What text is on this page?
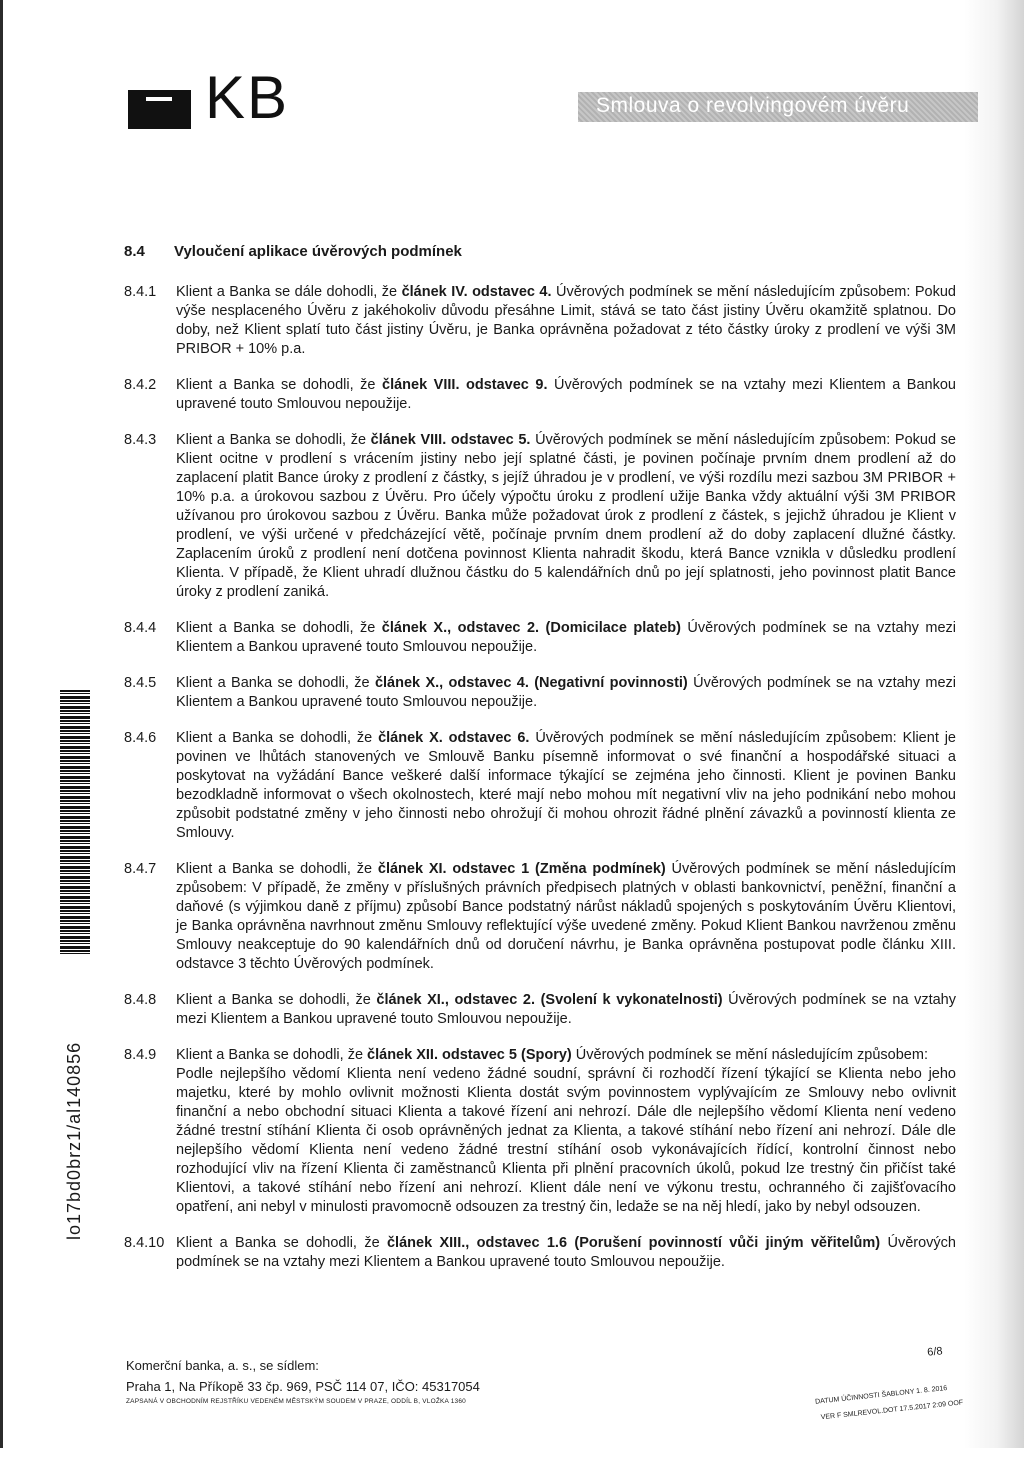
KB	Smlouva o revolvingovém úvěru
lo17bd0brz1/al140856
8.4 Vyloučení aplikace úvěrových podmínek
8.4.1	Klient a Banka se dále dohodli, že článek IV. odstavec 4. Úvěrových podmínek se mění následujícím způsobem: Pokud výše nesplaceného Úvěru z jakéhokoliv důvodu přesáhne Limit, stává se tato část jistiny Úvěru okamžitě splatnou. Do doby, než Klient splatí tuto část jistiny Úvěru, je Banka oprávněna požadovat z této částky úroky z prodlení ve výši 3M PRIBOR + 10% p.a.
8.4.2	Klient a Banka se dohodli, že článek VIII. odstavec 9. Úvěrových podmínek se na vztahy mezi Klientem a Bankou upravené touto Smlouvou nepoužije.
8.4.3	Klient a Banka se dohodli, že článek VIII. odstavec 5. Úvěrových podmínek se mění následujícím způsobem: Pokud se Klient ocitne v prodlení s vrácením jistiny nebo její splatné části, je povinen počínaje prvním dnem prodlení až do zaplacení platit Bance úroky z prodlení z částky, s jejíž úhradou je v prodlení, ve výši rozdílu mezi sazbou 3M PRIBOR + 10% p.a. a úrokovou sazbou z Úvěru. Pro účely výpočtu úroku z prodlení užije Banka vždy aktuální výši 3M PRIBOR užívanou pro úrokovou sazbou z Úvěru. Banka může požadovat úrok z prodlení z částek, s jejichž úhradou je Klient v prodlení, ve výši určené v předcházející větě, počínaje prvním dnem prodlení až do doby zaplacení dlužné částky. Zaplacením úroků z prodlení není dotčena povinnost Klienta nahradit škodu, která Bance vznikla v důsledku prodlení Klienta. V případě, že Klient uhradí dlužnou částku do 5 kalendářních dnů po její splatnosti, jeho povinnost platit Bance úroky z prodlení zaniká.
8.4.4	Klient a Banka se dohodli, že článek X., odstavec 2. (Domicilace plateb) Úvěrových podmínek se na vztahy mezi Klientem a Bankou upravené touto Smlouvou nepoužije.
8.4.5	Klient a Banka se dohodli, že článek X., odstavec 4. (Negativní povinnosti) Úvěrových podmínek se na vztahy mezi Klientem a Bankou upravené touto Smlouvou nepoužije.
8.4.6	Klient a Banka se dohodli, že článek X. odstavec 6. Úvěrových podmínek se mění následujícím způsobem: Klient je povinen ve lhůtách stanovených ve Smlouvě Banku písemně informovat o své finanční a hospodářské situaci a poskytovat na vyžádání Bance veškeré další informace týkající se zejména jeho činnosti. Klient je povinen Banku bezodkladně informovat o všech okolnostech, které mají nebo mohou mít negativní vliv na jeho podnikání nebo mohou způsobit podstatné změny v jeho činnosti nebo ohrožují či mohou ohrozit řádné plnění závazků a povinností klienta ze Smlouvy.
8.4.7	Klient a Banka se dohodli, že článek XI. odstavec 1 (Změna podmínek) Úvěrových podmínek se mění následujícím způsobem: V případě, že změny v příslušných právních předpisech platných v oblasti bankovnictví, peněžní, finanční a daňové (s výjimkou daně z příjmu) způsobí Bance podstatný nárůst nákladů spojených s poskytováním Úvěru Klientovi, je Banka oprávněna navrhnout změnu Smlouvy reflektující výše uvedené změny. Pokud Klient Bankou navrženou změnu Smlouvy neakceptuje do 90 kalendářních dnů od doručení návrhu, je Banka oprávněna postupovat podle článku XIII. odstavce 3 těchto Úvěrových podmínek.
8.4.8	Klient a Banka se dohodli, že článek XI., odstavec 2. (Svolení k vykonatelnosti) Úvěrových podmínek se na vztahy mezi Klientem a Bankou upravené touto Smlouvou nepoužije.
8.4.9	Klient a Banka se dohodli, že článek XII. odstavec 5 (Spory) Úvěrových podmínek se mění následujícím způsobem:

Podle nejlepšího vědomí Klienta není vedeno žádné soudní, správní či rozhodčí řízení týkající se Klienta nebo jeho majetku, které by mohlo ovlivnit možnosti Klienta dostát svým povinnostem vyplývajícím ze Smlouvy nebo ovlivnit finanční a nebo obchodní situaci Klienta a takové řízení ani nehrozí. Dále dle nejlepšího vědomí Klienta není vedeno žádné trestní stíhání Klienta či osob oprávněných jednat za Klienta, a takové stíhání nebo řízení ani nehrozí. Dále dle nejlepšího vědomí Klienta není vedeno žádné trestní stíhání osob vykonávajících řídící, kontrolní činnost nebo rozhodující vliv na řízení Klienta či zaměstnanců Klienta při plnění pracovních úkolů, pokud lze trestný čin přičíst také Klientovi, a takové stíhání nebo řízení ani nehrozí. Klient dále není ve výkonu trestu, ochranného či zajišťovacího opatření, ani nebyl v minulosti pravomocně odsouzen za trestný čin, ledaže se na něj hledí, jako by nebyl odsouzen.

8.4.10 Klient a Banka se dohodli, že článek XIII., odstavec 1.6 (Porušení povinností vůči jiným věřitelům) Úvěrových podmínek se na vztahy mezi Klientem a Bankou upravené touto Smlouvou nepoužije.
Komerční banka, a. s., se sídlem:
Praha 1, Na Příkopě 33 čp. 969, PSČ 114 07, IČO: 45317054
ZAPSANÁ V OBCHODNÍM REJSTŘÍKU VEDENÉM MĚSTSKÝM SOUDEM V PRAZE, ODDÍL B, VLOŽKA 1360
6/8
DATUM ÚČINNOSTI ŠABLONY 1. 8. 2016
VER F SMLREVOL.DOT 17.5.2017 2:09 OOF
